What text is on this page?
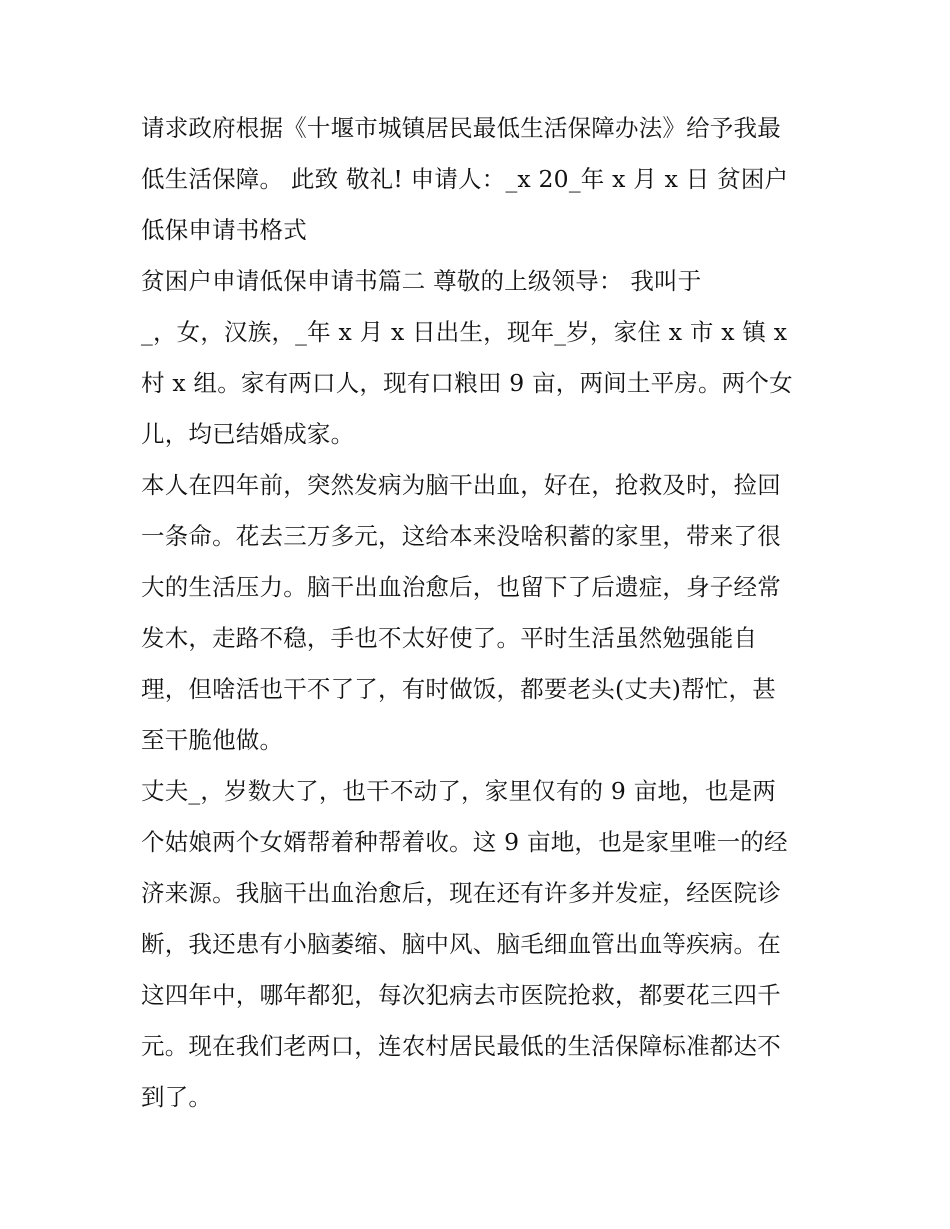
请求政府根据《十堰市城镇居民最低生活保障办法》给予我最
低生活保障。 此致 敬礼! 申请人：_x 20_年 x 月 x 日 贫困户
低保申请书格式
贫困户申请低保申请书篇二 尊敬的上级领导： 我叫于
_，女，汉族，_年 x 月 x 日出生，现年_岁，家住 x 市 x 镇 x
村 x 组。家有两口人，现有口粮田 9 亩，两间土平房。两个女
儿，均已结婚成家。
本人在四年前，突然发病为脑干出血，好在，抢救及时，捡回
一条命。花去三万多元，这给本来没啥积蓄的家里，带来了很
大的生活压力。脑干出血治愈后，也留下了后遗症，身子经常
发木，走路不稳，手也不太好使了。平时生活虽然勉强能自
理，但啥活也干不了了，有时做饭，都要老头(丈夫)帮忙，甚
至干脆他做。
丈夫_，岁数大了，也干不动了，家里仅有的 9 亩地，也是两
个姑娘两个女婿帮着种帮着收。这 9 亩地，也是家里唯一的经
济来源。我脑干出血治愈后，现在还有许多并发症，经医院诊
断，我还患有小脑萎缩、脑中风、脑毛细血管出血等疾病。在
这四年中，哪年都犯，每次犯病去市医院抢救，都要花三四千
元。现在我们老两口，连农村居民最低的生活保障标准都达不
到了。
